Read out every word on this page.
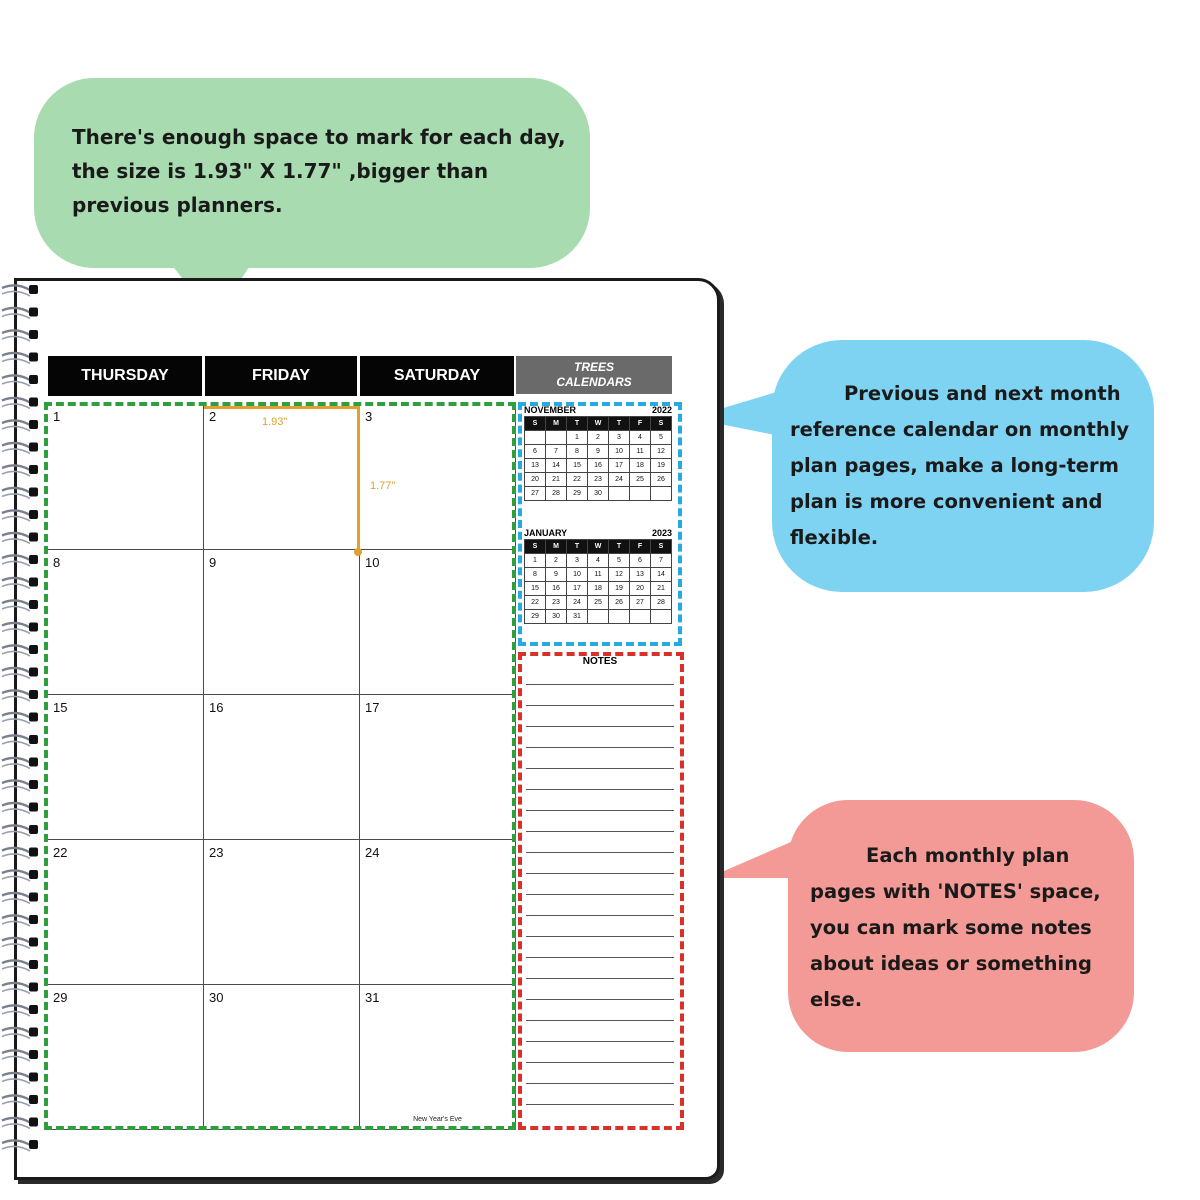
There's enough space to mark for each day,
the size is 1.93" X 1.77" ,bigger than
previous planners.
THURSDAY	FRIDAY	SATURDAY	TREES
CALENDARS
1	2	3
8	9	10
15	16	17
22	23	24
29	30	31
New Year's Eve
1.93"
1.77"
NOVEMBER	2022
S	M	T	W	T	F	S
		1	2	3	4	5
6	7	8	9	10	11	12
13	14	15	16	17	18	19
20	21	22	23	24	25	26
27	28	29	30			
JANUARY	2023
S	M	T	W	T	F	S
1	2	3	4	5	6	7
8	9	10	11	12	13	14
15	16	17	18	19	20	21
22	23	24	25	26	27	28
29	30	31				
NOTES
Previous and next month
reference calendar on monthly
plan pages, make a long-term
plan is more convenient and
flexible.
Each monthly plan
pages with 'NOTES' space,
you can mark some notes
about ideas or something
else.
